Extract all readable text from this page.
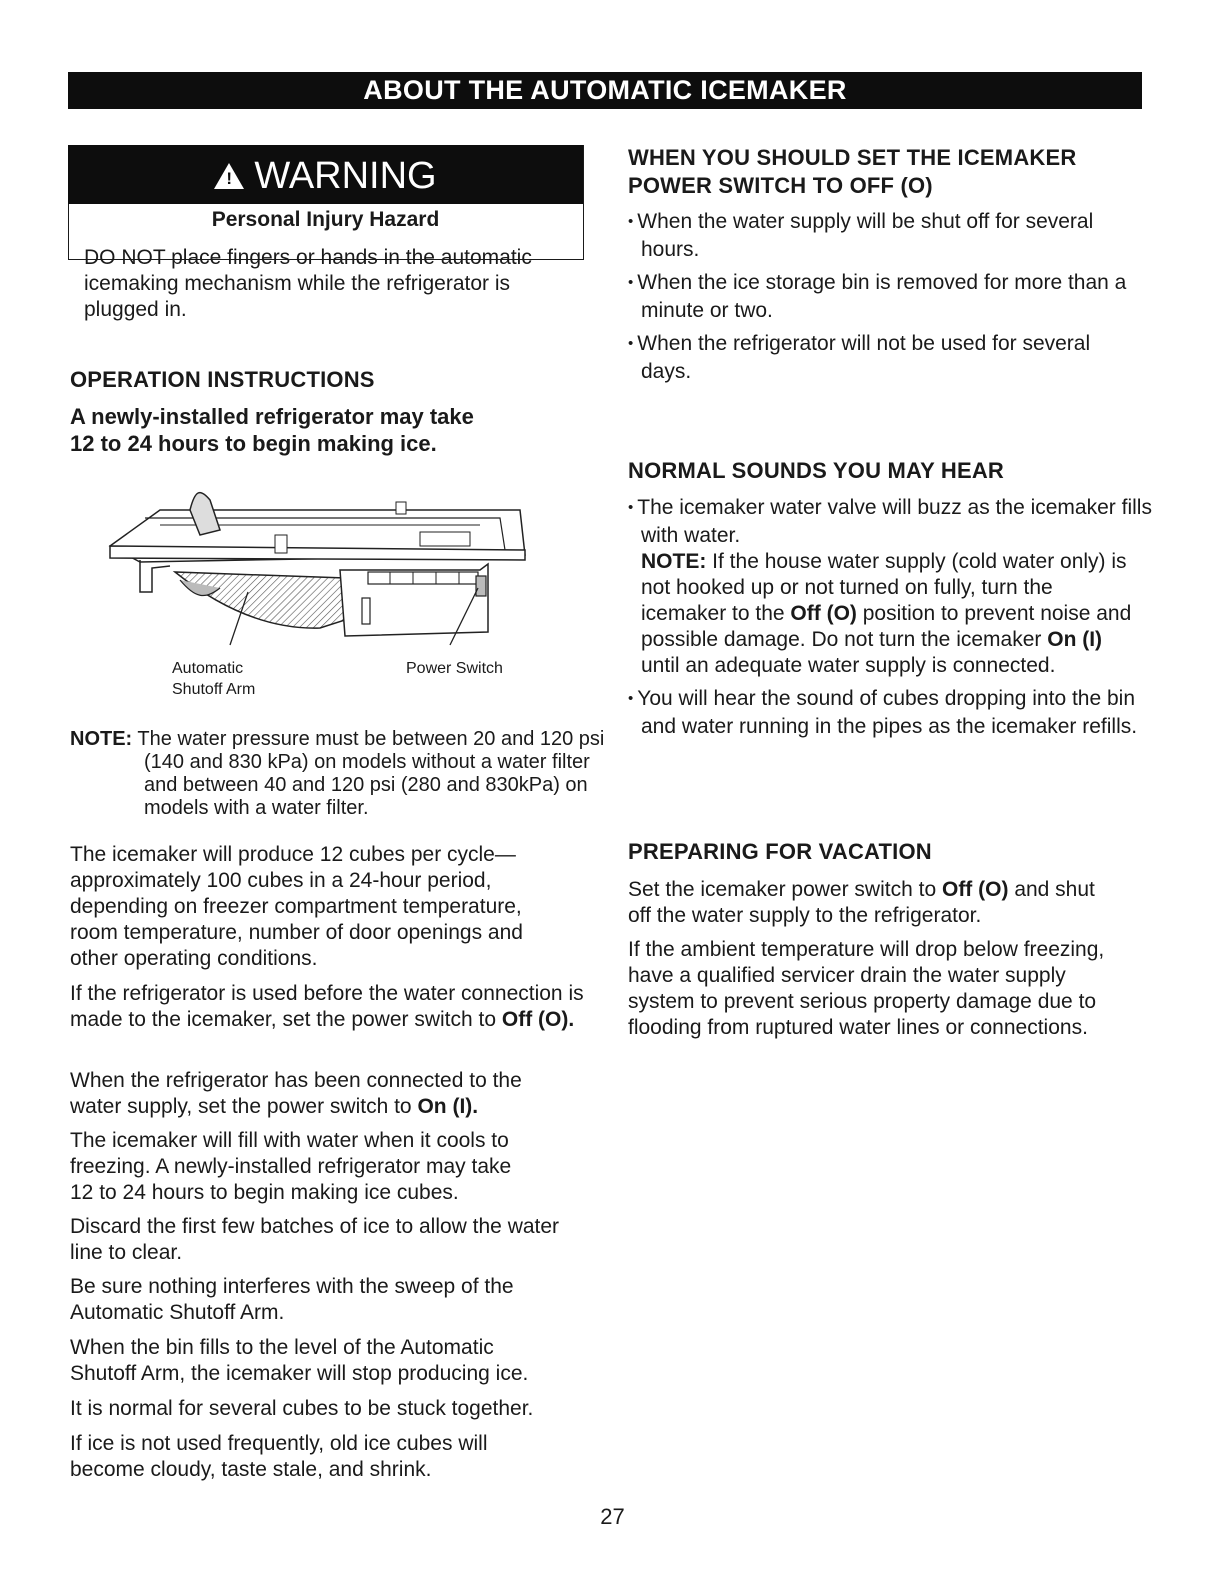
ABOUT THE AUTOMATIC ICEMAKER
!WARNING
Personal Injury Hazard
DO NOT place fingers or hands in the automatic icemaking mechanism while the refrigerator is plugged in.
OPERATION INSTRUCTIONS
A newly-installed refrigerator may take
12 to 24 hours to begin making ice.
Automatic
Shutoff Arm
Power Switch
NOTE: The water pressure must be between 20 and 120 psi (140 and 830 kPa) on models without a water filter and between 40 and 120 psi (280 and 830kPa) on models with a water filter.
The icemaker will produce 12 cubes per cycle— approximately 100 cubes in a 24-hour period, depending on freezer compartment temperature, room temperature, number of door openings and other operating conditions.
If the refrigerator is used before the water connection is made to the icemaker, set the power switch to Off (O).
When the refrigerator has been connected to the water supply, set the power switch to On (I).
The icemaker will fill with water when it cools to freezing. A newly-installed refrigerator may take 12 to 24 hours to begin making ice cubes.
Discard the first few batches of ice to allow the water line to clear.
Be sure nothing interferes with the sweep of the Automatic Shutoff Arm.
When the bin fills to the level of the Automatic Shutoff Arm, the icemaker will stop producing ice.
It is normal for several cubes to be stuck together.
If ice is not used frequently, old ice cubes will become cloudy, taste stale, and shrink.
WHEN YOU SHOULD SET THE ICEMAKER
POWER SWITCH TO OFF (O)
• When the water supply will be shut off for several hours.
• When the ice storage bin is removed for more than a minute or two.
• When the refrigerator will not be used for several days.
NORMAL SOUNDS YOU MAY HEAR
• The icemaker water valve will buzz as the icemaker fills with water.
NOTE: If the house water supply (cold water only) is not hooked up or not turned on fully, turn the icemaker to the Off (O) position to prevent noise and possible damage. Do not turn the icemaker On (I) until an adequate water supply is connected.
• You will hear the sound of cubes dropping into the bin and water running in the pipes as the icemaker refills.
PREPARING FOR VACATION
Set the icemaker power switch to Off (O) and shut off the water supply to the refrigerator.
If the ambient temperature will drop below freezing, have a qualified servicer drain the water supply system to prevent serious property damage due to flooding from ruptured water lines or connections.
27
